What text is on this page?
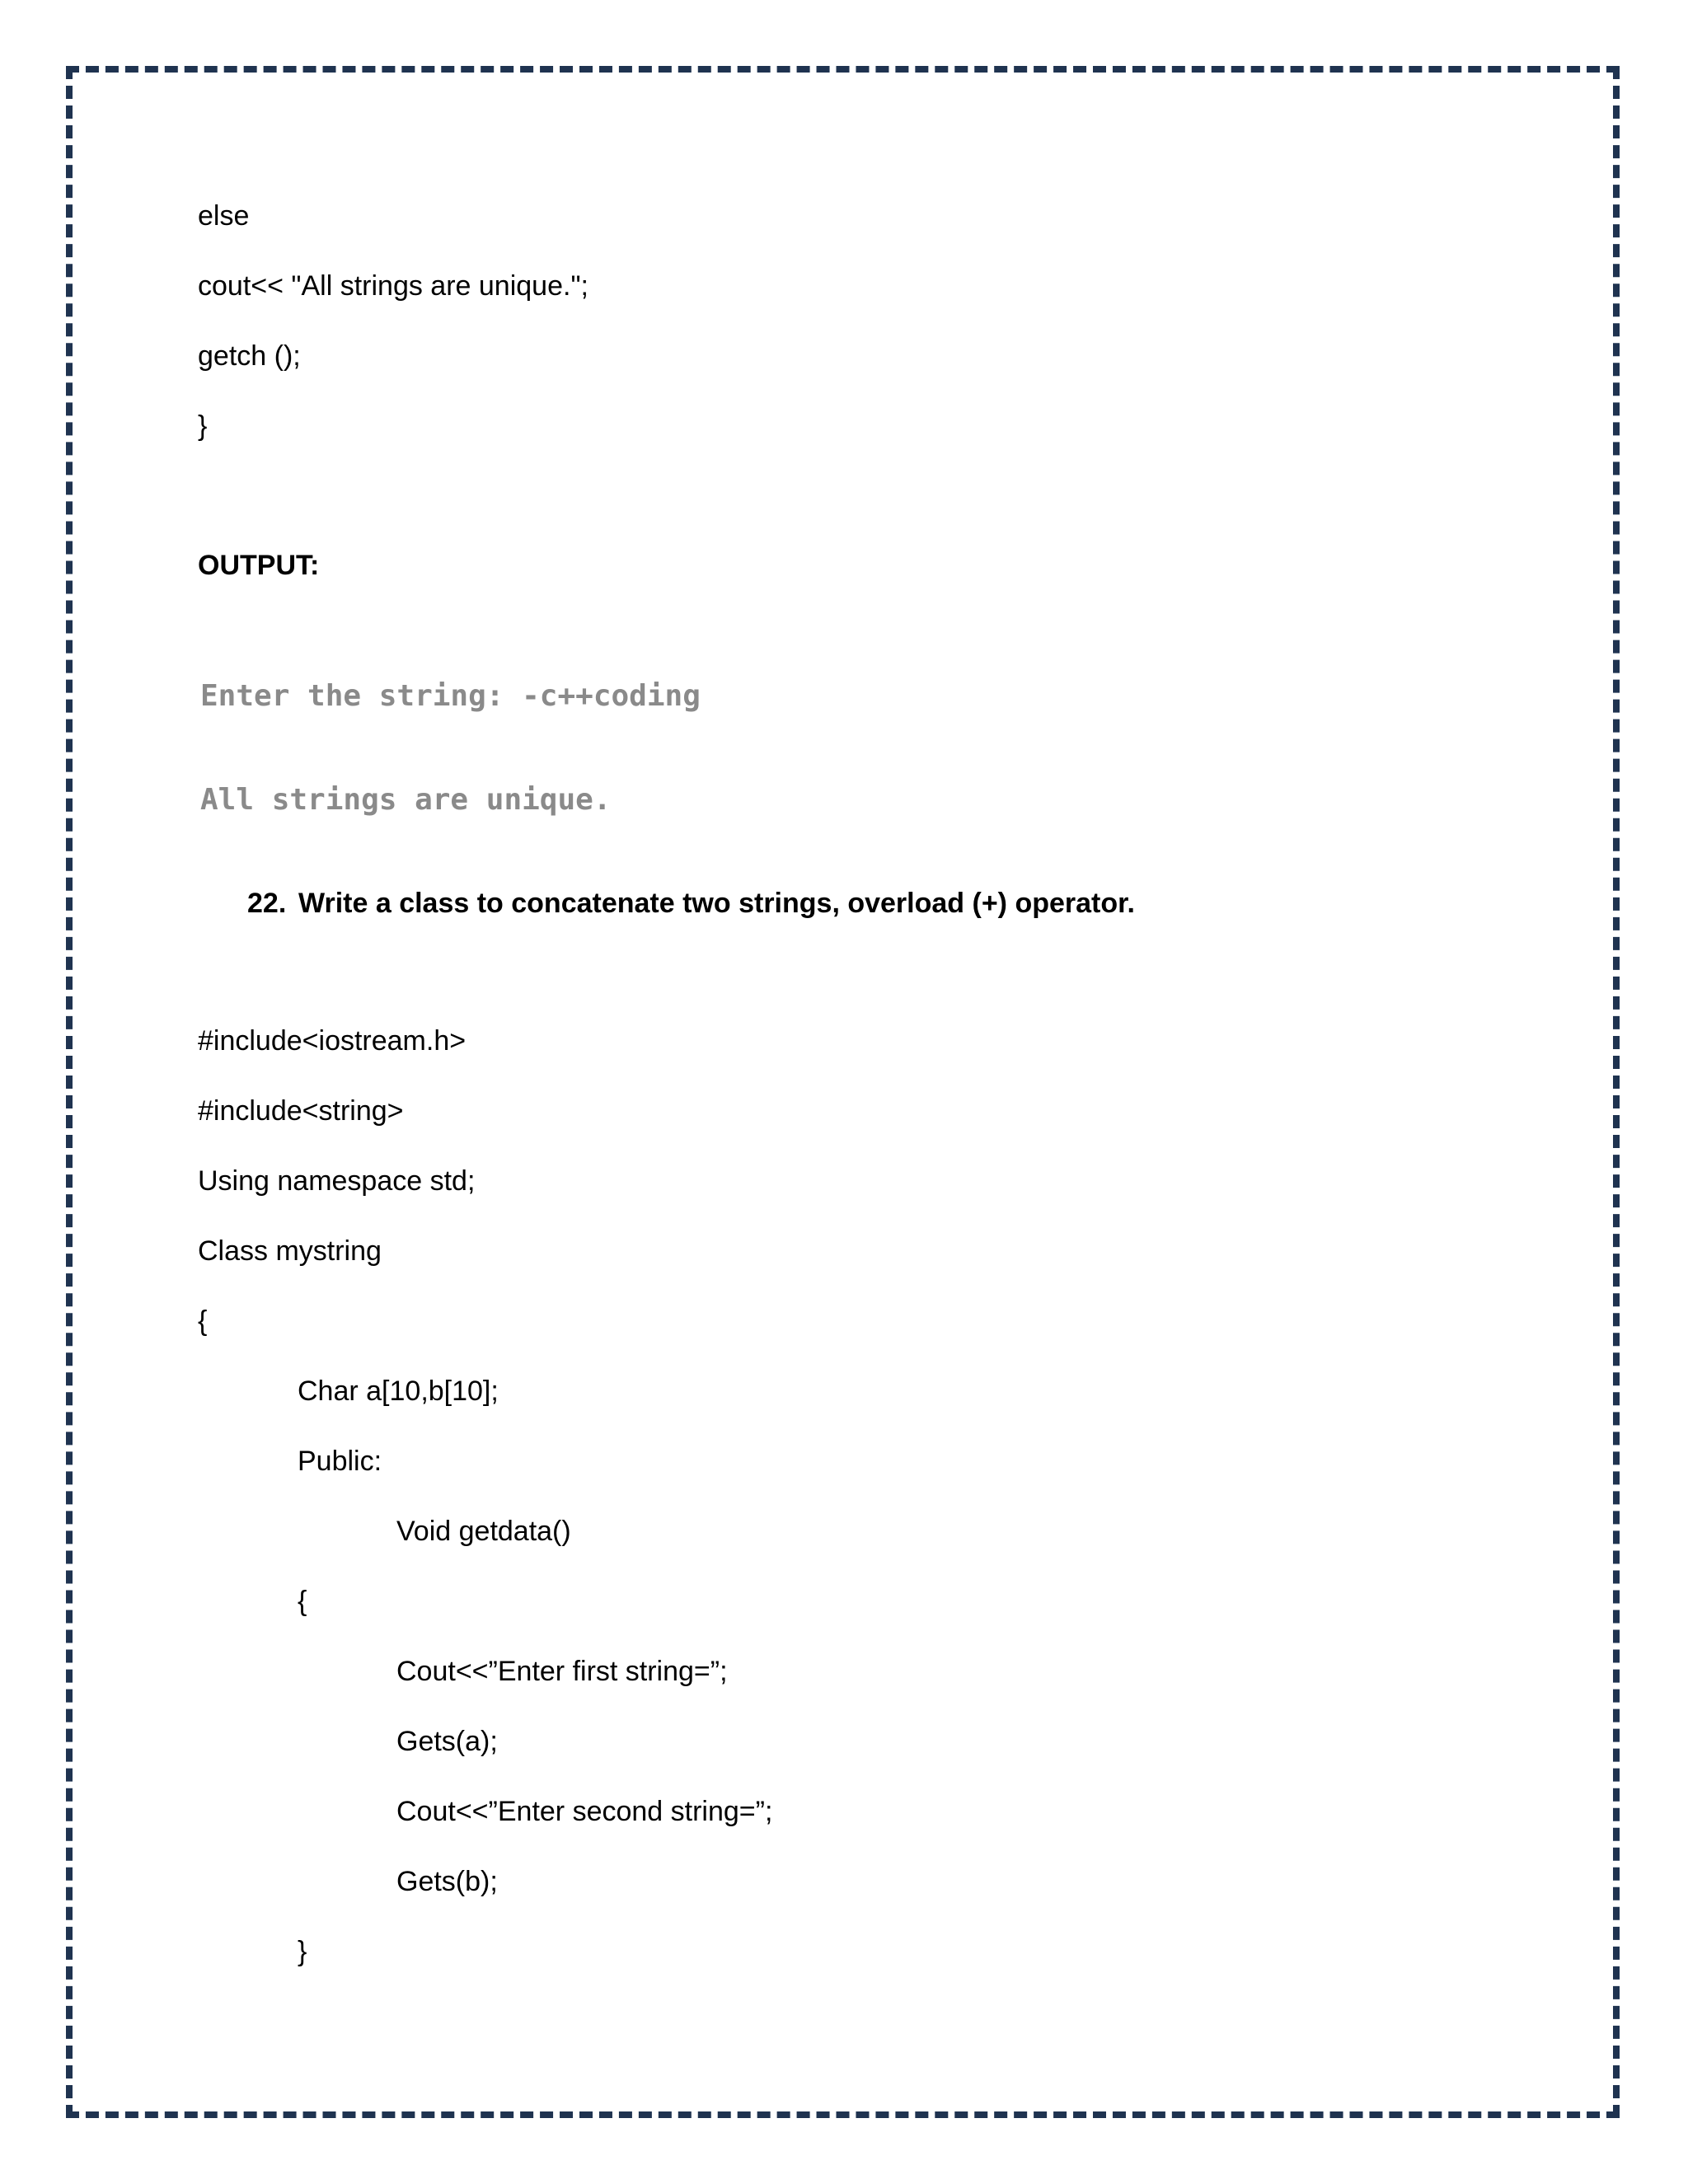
else
cout<< "All strings are unique.";
getch ();
}
OUTPUT:

Enter the string: -c++coding

All strings are unique.

22. Write a class to concatenate two strings, overload (+) operator.
#include<iostream.h>
#include<string>
Using namespace std;
Class mystring
{
Char a[10,b[10];
Public:
Void getdata()
{
Cout<<”Enter first string=”;
Gets(a);
Cout<<”Enter second string=”;
Gets(b);
}
